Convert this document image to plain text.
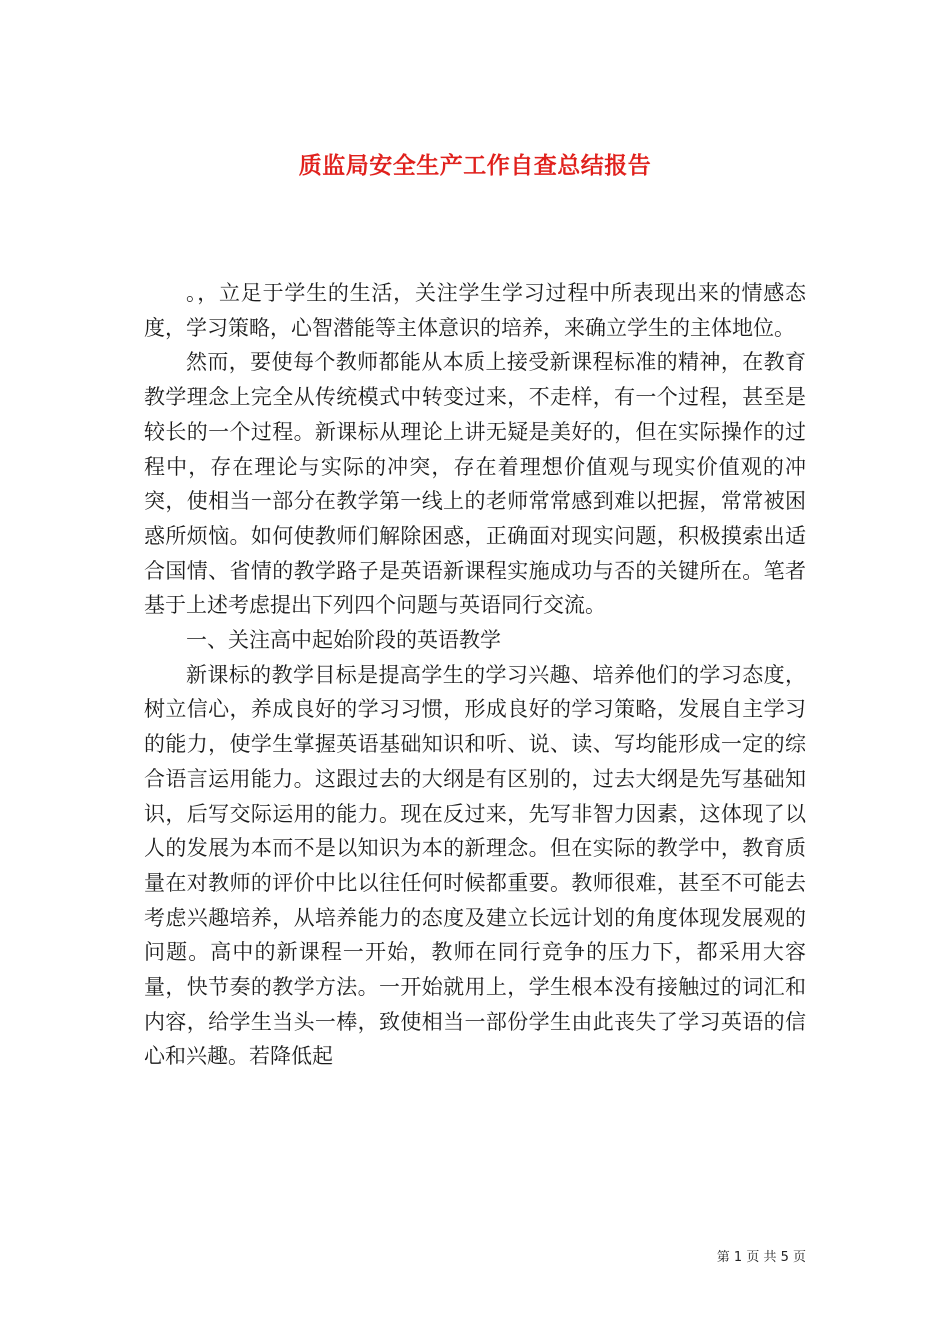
质监局安全生产工作自查总结报告

。，立足于学生的生活，关注学生学习过程中所表现出来的情感态度，学习策略，心智潜能等主体意识的培养，来确立学生的主体地位。

然而，要使每个教师都能从本质上接受新课程标准的精神，在教育教学理念上完全从传统模式中转变过来，不走样，有一个过程，甚至是较长的一个过程。新课标从理论上讲无疑是美好的，但在实际操作的过程中，存在理论与实际的冲突，存在着理想价值观与现实价值观的冲突，使相当一部分在教学第一线上的老师常常感到难以把握，常常被困惑所烦恼。如何使教师们解除困惑，正确面对现实问题，积极摸索出适合国情、省情的教学路子是英语新课程实施成功与否的关键所在。笔者基于上述考虑提出下列四个问题与英语同行交流。

一、关注高中起始阶段的英语教学

新课标的教学目标是提高学生的学习兴趣、培养他们的学习态度，树立信心，养成良好的学习习惯，形成良好的学习策略，发展自主学习的能力，使学生掌握英语基础知识和听、说、读、写均能形成一定的综合语言运用能力。这跟过去的大纲是有区别的，过去大纲是先写基础知识，后写交际运用的能力。现在反过来，先写非智力因素，这体现了以人的发展为本而不是以知识为本的新理念。但在实际的教学中，教育质量在对教师的评价中比以往任何时候都重要。教师很难，甚至不可能去考虑兴趣培养，从培养能力的态度及建立长远计划的角度体现发展观的问题。高中的新课程一开始，教师在同行竞争的压力下，都采用大容量，快节奏的教学方法。一开始就用上，学生根本没有接触过的词汇和内容，给学生当头一棒，致使相当一部份学生由此丧失了学习英语的信心和兴趣。若降低起

第 1 页 共 5 页
